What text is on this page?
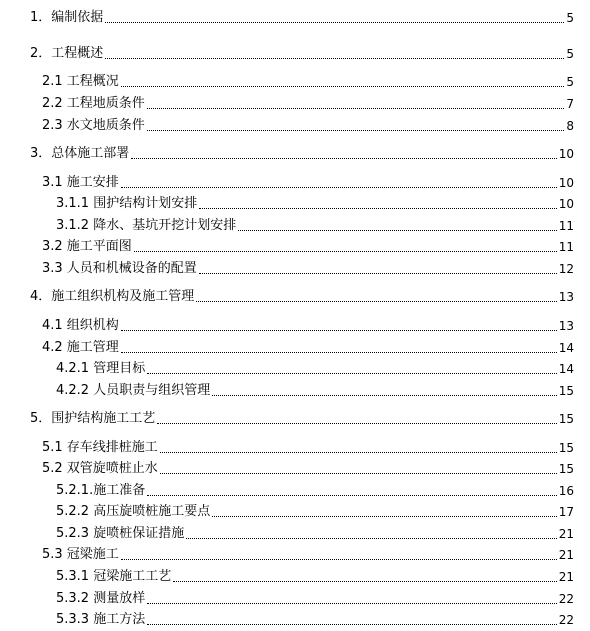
1．编制依据	5
2．工程概述	5
2.1 工程概况	5
2.2 工程地质条件	7
2.3 水文地质条件	8
3．总体施工部署	10
3.1 施工安排	10
3.1.1 围护结构计划安排	10
3.1.2 降水、基坑开挖计划安排	11
3.2 施工平面图	11
3.3 人员和机械设备的配置	12
4．施工组织机构及施工管理	13
4.1 组织机构	13
4.2 施工管理	14
4.2.1 管理目标	14
4.2.2 人员职责与组织管理	15
5．围护结构施工工艺	15
5.1 存车线排桩施工	15
5.2 双管旋喷桩止水	15
5.2.1.施工准备	16
5.2.2 高压旋喷桩施工要点	17
5.2.3 旋喷桩保证措施	21
5.3 冠梁施工	21
5.3.1 冠梁施工工艺	21
5.3.2 测量放样	22
5.3.3 施工方法	22
